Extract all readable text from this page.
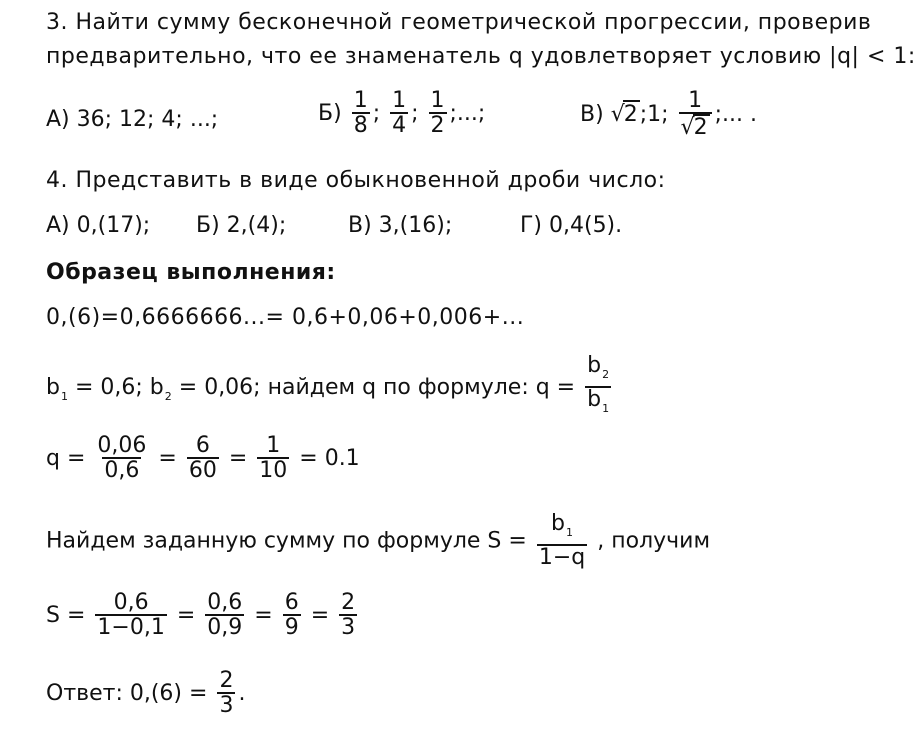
3. Найти сумму бесконечной геометрической прогрессии, проверив
предварительно, что ее знаменатель q удовлетворяет условию |q| < 1:
А) 36; 12; 4; ...;	$Б) \frac{1}{8}$ ; $\frac{1}{4}$ ; $\frac{1}{2}$ ;...;	В) √2;1; $\frac{1}{√2}$ ;... .
4. Представить в виде обыкновенной дроби число:
А) 0,(17); Б) 2,(4);	В) 3,(16);	Г) 0,4(5).
Образец выполнения:
0,(6)=0,6666666...= 0,6+0,06+0,006+...
$b_1 = 0,6$; $b_2 = 0,06$; найдем q по формуле: $q = \frac{b_2}{b_1}$
$q = \frac{0,06}{0,6} = \frac{6}{60} = \frac{1}{10} = 0.1$
Найдем заданную сумму по формуле $S = \frac{b_1}{1-q}$ , получим
$S = \frac{0,6}{1-0,1} = \frac{0,6}{0,9} = \frac{6}{9} = \frac{2}{3}$
Ответ: $0,(6) = \frac{2}{3}$ .
